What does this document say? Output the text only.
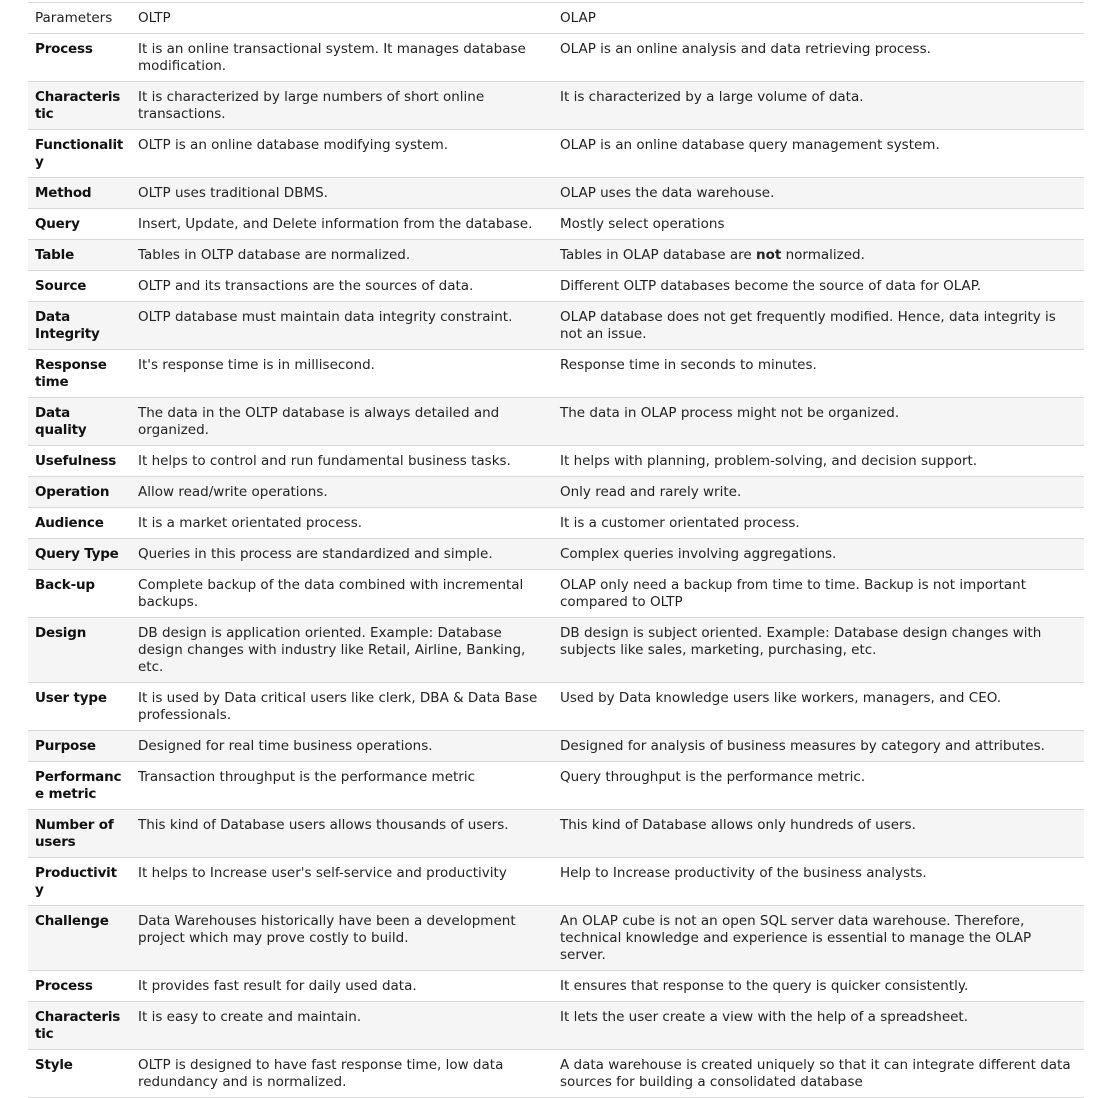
Parameters	OLTP	OLAP
Process	It is an online transactional system. It manages database modification.	OLAP is an online analysis and data retrieving process.
Characteristic	It is characterized by large numbers of short online transactions.	It is characterized by a large volume of data.
Functionality	OLTP is an online database modifying system.	OLAP is an online database query management system.
Method	OLTP uses traditional DBMS.	OLAP uses the data warehouse.
Query	Insert, Update, and Delete information from the database.	Mostly select operations
Table	Tables in OLTP database are normalized.	Tables in OLAP database are not normalized.
Source	OLTP and its transactions are the sources of data.	Different OLTP databases become the source of data for OLAP.
Data Integrity	OLTP database must maintain data integrity constraint.	OLAP database does not get frequently modified. Hence, data integrity is not an issue.
Response time	It's response time is in millisecond.	Response time in seconds to minutes.
Data quality	The data in the OLTP database is always detailed and organized.	The data in OLAP process might not be organized.
Usefulness	It helps to control and run fundamental business tasks.	It helps with planning, problem-solving, and decision support.
Operation	Allow read/write operations.	Only read and rarely write.
Audience	It is a market orientated process.	It is a customer orientated process.
Query Type	Queries in this process are standardized and simple.	Complex queries involving aggregations.
Back-up	Complete backup of the data combined with incremental backups.	OLAP only need a backup from time to time. Backup is not important compared to OLTP
Design	DB design is application oriented. Example: Database design changes with industry like Retail, Airline, Banking, etc.	DB design is subject oriented. Example: Database design changes with subjects like sales, marketing, purchasing, etc.
User type	It is used by Data critical users like clerk, DBA & Data Base professionals.	Used by Data knowledge users like workers, managers, and CEO.
Purpose	Designed for real time business operations.	Designed for analysis of business measures by category and attributes.
Performance metric	Transaction throughput is the performance metric	Query throughput is the performance metric.
Number of users	This kind of Database users allows thousands of users.	This kind of Database allows only hundreds of users.
Productivity	It helps to Increase user's self-service and productivity	Help to Increase productivity of the business analysts.
Challenge	Data Warehouses historically have been a development project which may prove costly to build.	An OLAP cube is not an open SQL server data warehouse. Therefore, technical knowledge and experience is essential to manage the OLAP server.
Process	It provides fast result for daily used data.	It ensures that response to the query is quicker consistently.
Characteristic	It is easy to create and maintain.	It lets the user create a view with the help of a spreadsheet.
Style	OLTP is designed to have fast response time, low data redundancy and is normalized.	A data warehouse is created uniquely so that it can integrate different data sources for building a consolidated database
